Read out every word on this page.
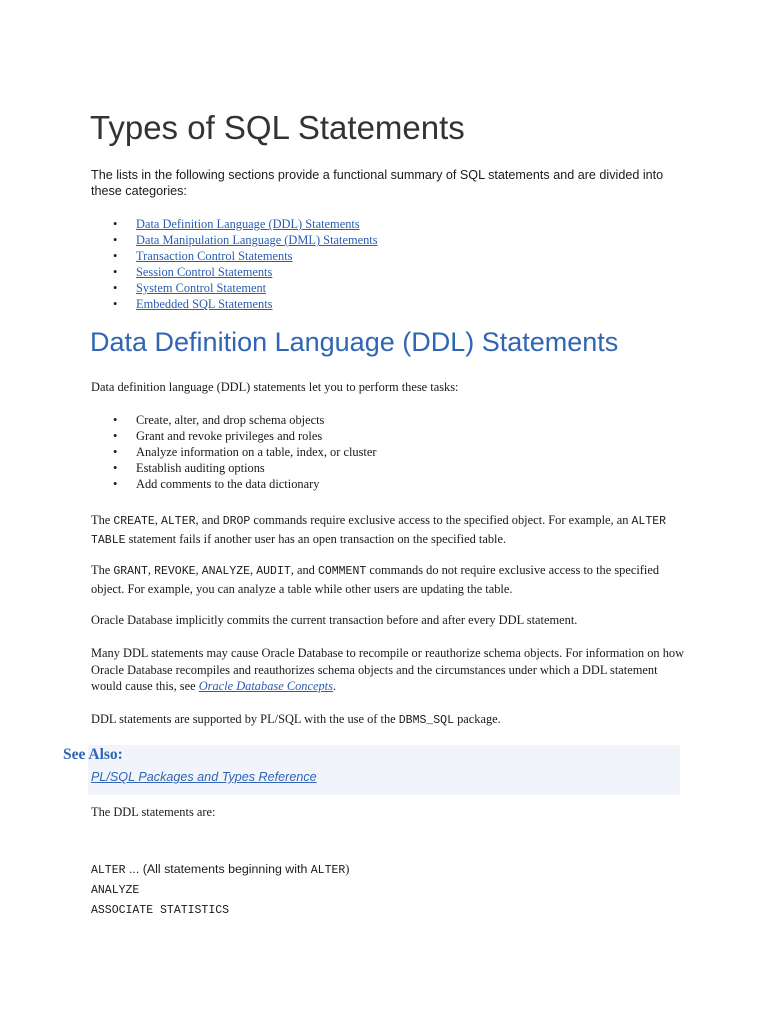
Types of SQL Statements

The lists in the following sections provide a functional summary of SQL statements and are divided into these categories:

• Data Definition Language (DDL) Statements
• Data Manipulation Language (DML) Statements
• Transaction Control Statements
• Session Control Statements
• System Control Statement
• Embedded SQL Statements
Data Definition Language (DDL) Statements

Data definition language (DDL) statements let you to perform these tasks:

• Create, alter, and drop schema objects
• Grant and revoke privileges and roles
• Analyze information on a table, index, or cluster
• Establish auditing options
• Add comments to the data dictionary

The CREATE, ALTER, and DROP commands require exclusive access to the specified object. For example, an ALTER TABLE statement fails if another user has an open transaction on the specified table.

The GRANT, REVOKE, ANALYZE, AUDIT, and COMMENT commands do not require exclusive access to the specified object. For example, you can analyze a table while other users are updating the table.

Oracle Database implicitly commits the current transaction before and after every DDL statement.

Many DDL statements may cause Oracle Database to recompile or reauthorize schema objects. For information on how Oracle Database recompiles and reauthorizes schema objects and the circumstances under which a DDL statement would cause this, see Oracle Database Concepts.

DDL statements are supported by PL/SQL with the use of the DBMS_SQL package.

See Also:
PL/SQL Packages and Types Reference

The DDL statements are:

ALTER ... (All statements beginning with ALTER)
ANALYZE
ASSOCIATE STATISTICS
